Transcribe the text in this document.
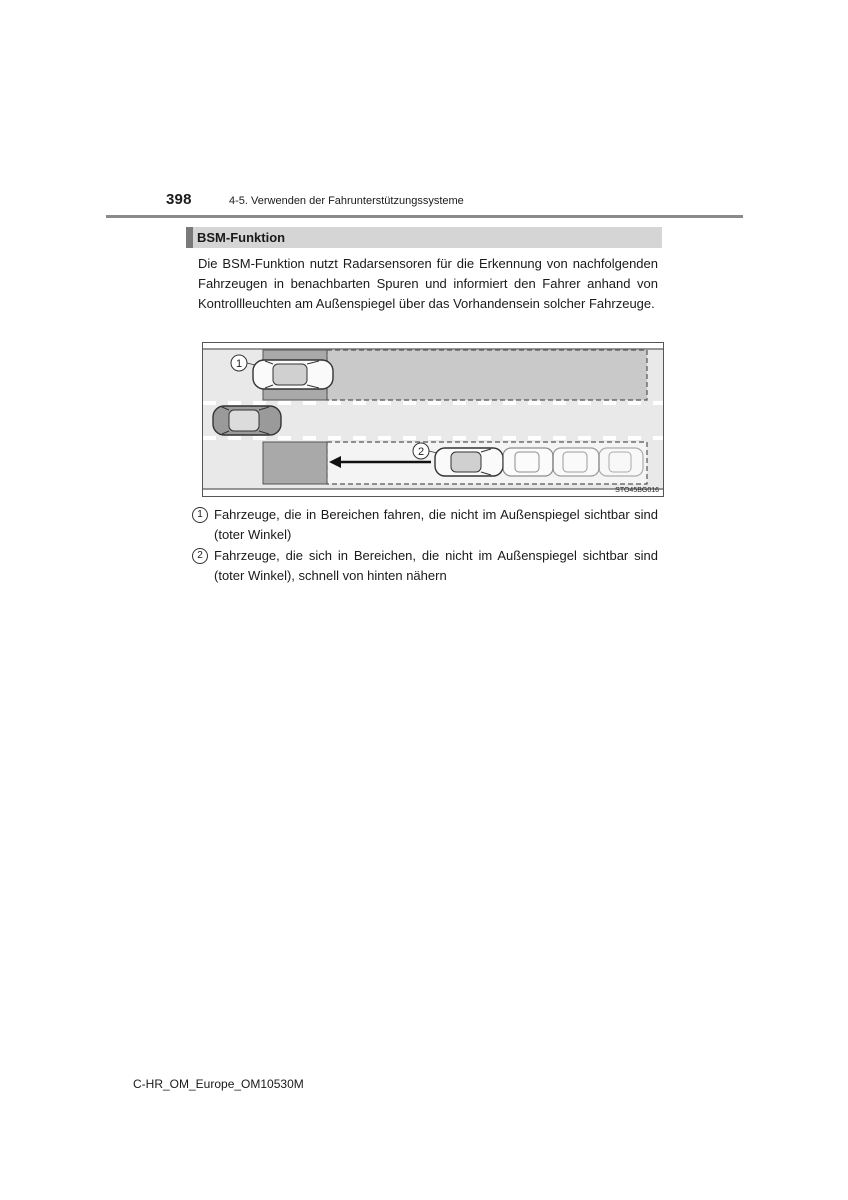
398	4-5. Verwenden der Fahrunterstützungssysteme
BSM-Funktion
Die BSM-Funktion nutzt Radarsensoren für die Erkennung von nachfolgenden Fahrzeugen in benachbarten Spuren und informiert den Fahrer anhand von Kontrollleuchten am Außenspiegel über das Vorhandensein solcher Fahrzeuge.
1
2
STO45BG016
1 Fahrzeuge, die in Bereichen fahren, die nicht im Außenspiegel sichtbar sind (toter Winkel)
2 Fahrzeuge, die sich in Bereichen, die nicht im Außenspiegel sichtbar sind (toter Winkel), schnell von hinten nähern
C-HR_OM_Europe_OM10530M
